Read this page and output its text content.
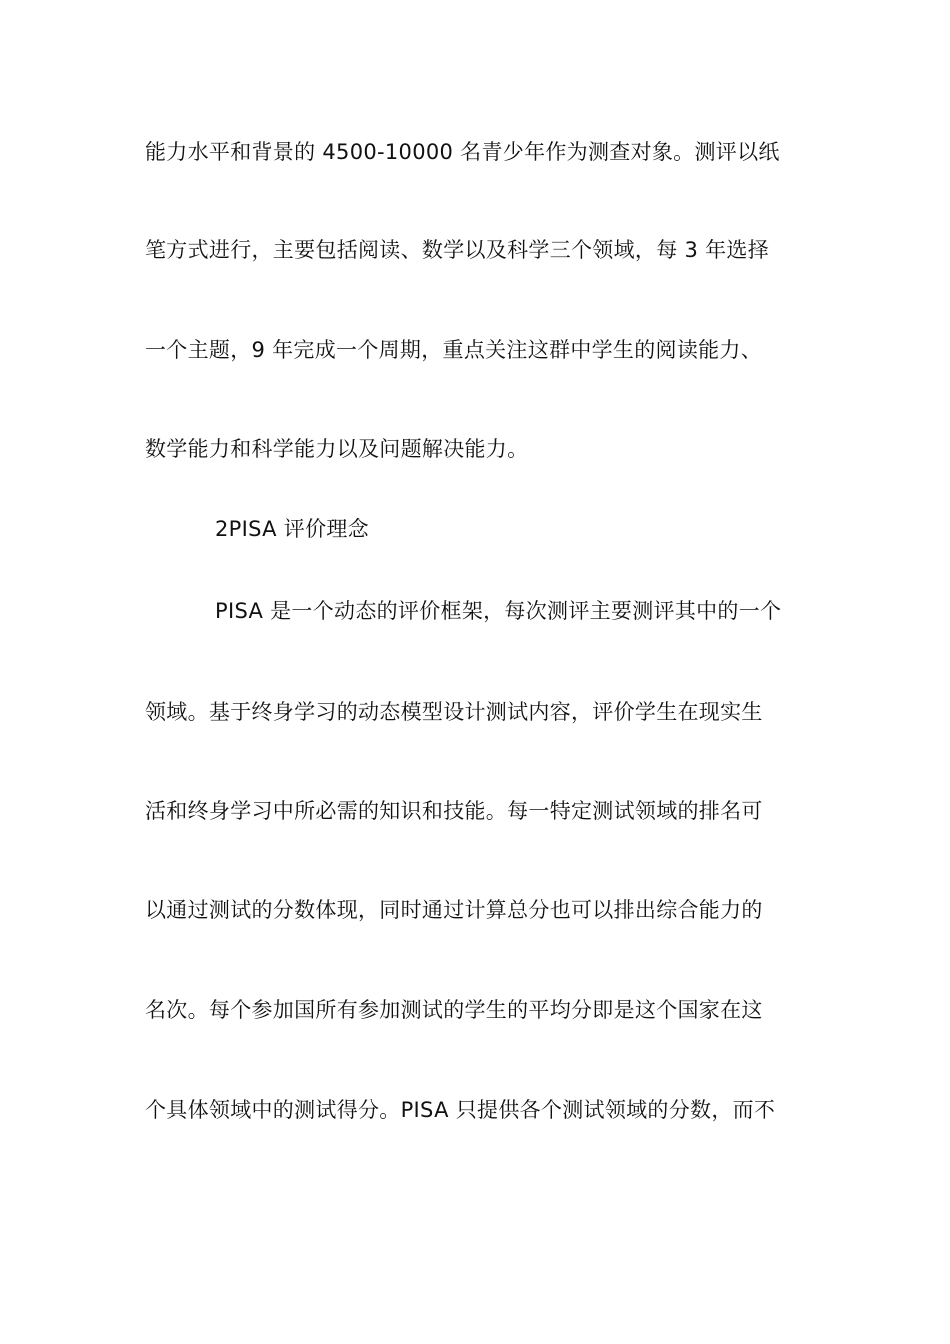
能力水平和背景的 4500-10000 名青少年作为测查对象。测评以纸
笔方式进行，主要包括阅读、数学以及科学三个领域，每 3 年选择
一个主题，9 年完成一个周期，重点关注这群中学生的阅读能力、
数学能力和科学能力以及问题解决能力。
2PISA 评价理念
PISA 是一个动态的评价框架，每次测评主要测评其中的一个
领域。基于终身学习的动态模型设计测试内容，评价学生在现实生
活和终身学习中所必需的知识和技能。每一特定测试领域的排名可
以通过测试的分数体现，同时通过计算总分也可以排出综合能力的
名次。每个参加国所有参加测试的学生的平均分即是这个国家在这
个具体领域中的测试得分。PISA 只提供各个测试领域的分数，而不
